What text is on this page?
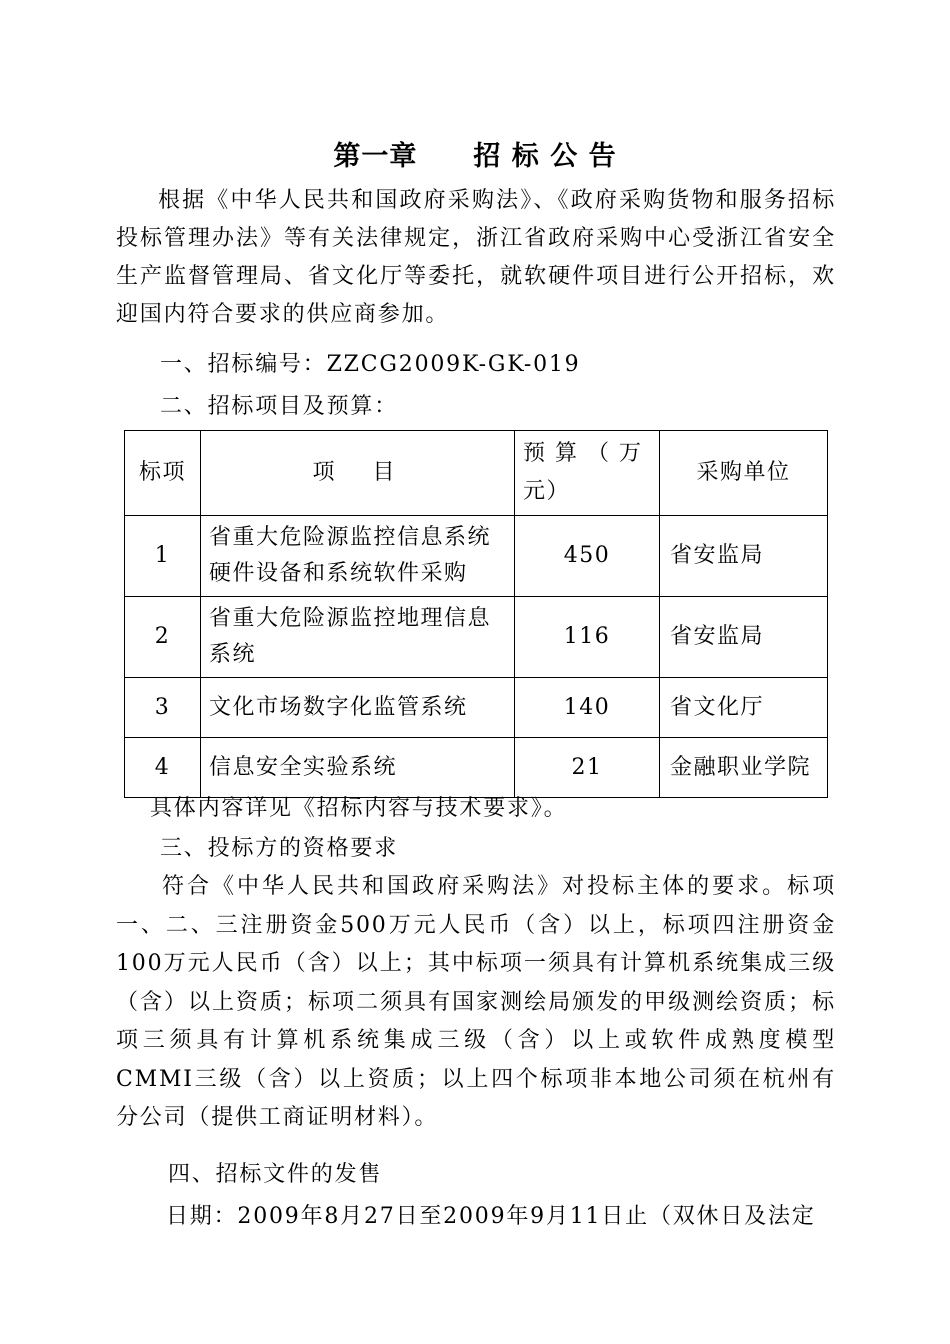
第一章　　招 标 公 告
根据《中华人民共和国政府采购法》、《政府采购货物和服务招标投标管理办法》等有关法律规定，浙江省政府采购中心受浙江省安全生产监督管理局、省文化厅等委托，就软硬件项目进行公开招标，欢迎国内符合要求的供应商参加。
一、招标编号：ZZCG2009K-GK-019
二、招标项目及预算：
标项	项　目	预 算 （ 万 元）	采购单位
1	省重大危险源监控信息系统硬件设备和系统软件采购	450	省安监局
2	省重大危险源监控地理信息系统	116	省安监局
3	文化市场数字化监管系统	140	省文化厅
4	信息安全实验系统	21	金融职业学院
具体内容详见《招标内容与技术要求》。
三、投标方的资格要求
符合《中华人民共和国政府采购法》对投标主体的要求。标项一、二、三注册资金500万元人民币（含）以上，标项四注册资金100万元人民币（含）以上；其中标项一须具有计算机系统集成三级（含）以上资质；标项二须具有国家测绘局颁发的甲级测绘资质；标项三须具有计算机系统集成三级（含）以上或软件成熟度模型CMMI三级（含）以上资质；以上四个标项非本地公司须在杭州有分公司（提供工商证明材料）。
四、招标文件的发售
日期：2009年8月27日至2009年9月11日止（双休日及法定
